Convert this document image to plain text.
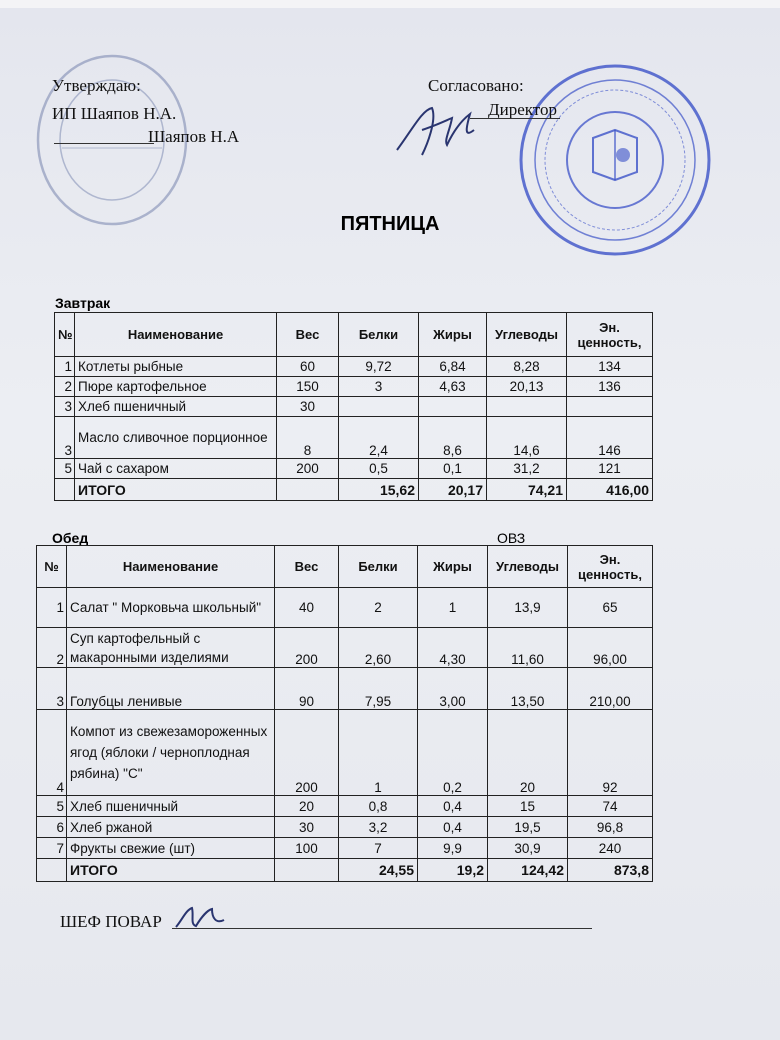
Утверждаю:
ИП Шаяпов Н.А.
Шаяпов Н.А
Согласовано:
Директор
ПЯТНИЦА
Завтрак
№	Наименование	Вес	Белки	Жиры	Углеводы	Эн. ценность,
1	Котлеты рыбные	60	9,72	6,84	8,28	134
2	Пюре картофельное	150	3	4,63	20,13	136
3	Хлеб пшеничный	30				
3	Масло сливочное порционное	8	2,4	8,6	14,6	146
5	Чай с сахаром	200	0,5	0,1	31,2	121
	ИТОГО		15,62	20,17	74,21	416,00
Обед	ОВЗ
№	Наименование	Вес	Белки	Жиры	Углеводы	Эн. ценность,
1	Салат " Морковьча школьный"	40	2	1	13,9	65
2	Суп картофельный с макаронными изделиями	200	2,60	4,30	11,60	96,00
3	Голубцы ленивые	90	7,95	3,00	13,50	210,00
4	Компот из свежезамороженных ягод (яблоки / черноплодная рябина) "С"	200	1	0,2	20	92
5	Хлеб пшеничный	20	0,8	0,4	15	74
6	Хлеб ржаной	30	3,2	0,4	19,5	96,8
7	Фрукты свежие (шт)	100	7	9,9	30,9	240
	ИТОГО		24,55	19,2	124,42	873,8
ШЕФ ПОВАР
